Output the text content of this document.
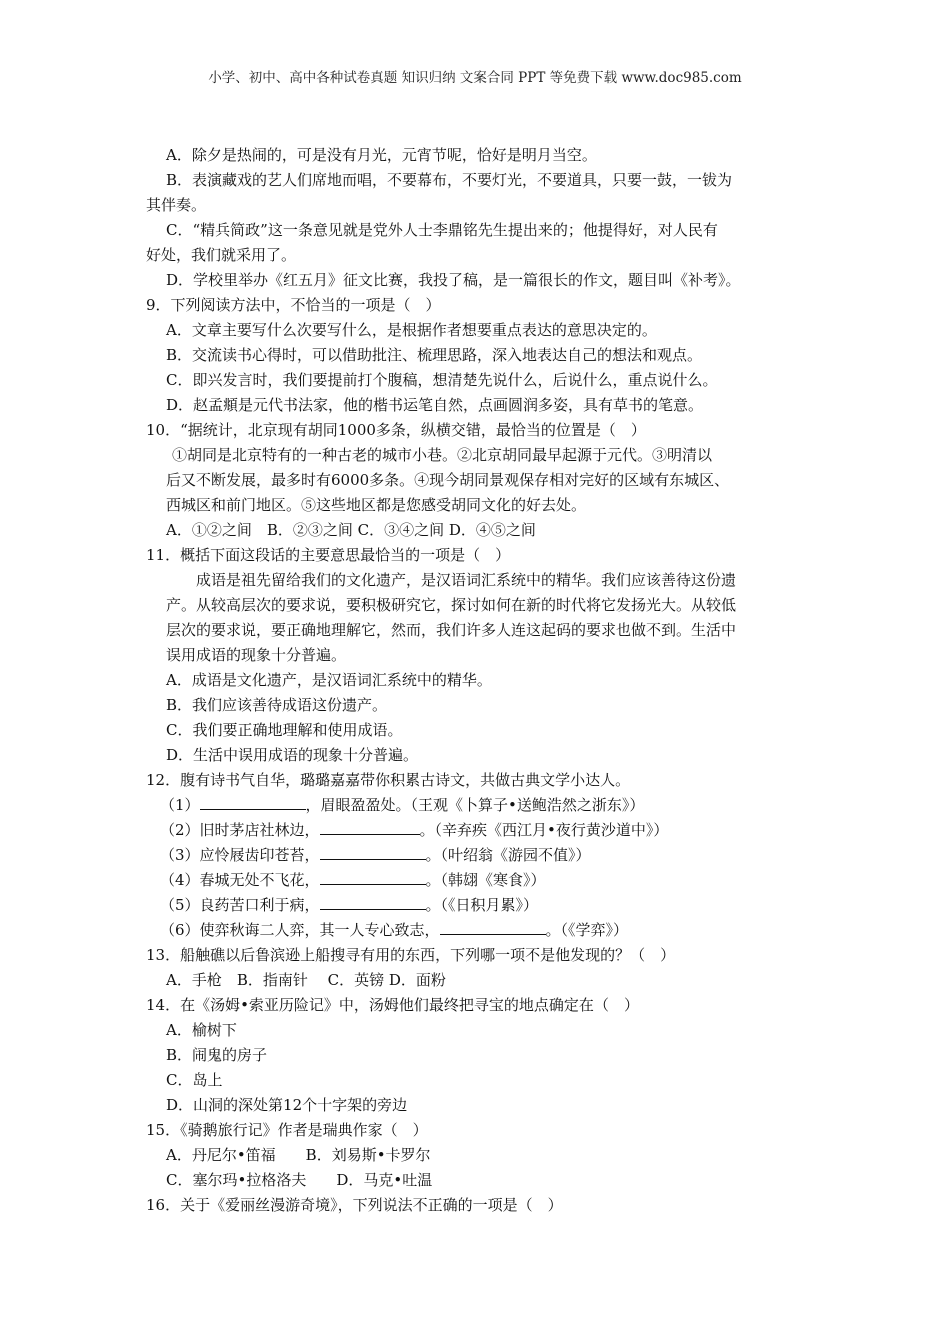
小学、初中、高中各种试卷真题 知识归纳 文案合同 PPT 等免费下载 www.doc985.com
A．除夕是热闹的，可是没有月光，元宵节呢，恰好是明月当空。
B．表演藏戏的艺人们席地而唱，不要幕布，不要灯光，不要道具，只要一鼓，一钹为
其伴奏。
C．“精兵简政”这一条意见就是党外人士李鼎铭先生提出来的；他提得好，对人民有
好处，我们就采用了。
D．学校里举办《红五月》征文比赛，我投了稿，是一篇很长的作文，题目叫《补考》。
9．下列阅读方法中，不恰当的一项是（　）
A．文章主要写什么次要写什么，是根据作者想要重点表达的意思决定的。
B．交流读书心得时，可以借助批注、梳理思路，深入地表达自己的想法和观点。
C．即兴发言时，我们要提前打个腹稿，想清楚先说什么，后说什么，重点说什么。
D．赵孟頫是元代书法家，他的楷书运笔自然，点画圆润多姿，具有草书的笔意。
10．“据统计，北京现有胡同1000多条，纵横交错，最恰当的位置是（　）
①胡同是北京特有的一种古老的城市小巷。②北京胡同最早起源于元代。③明清以
后又不断发展，最多时有6000多条。④现今胡同景观保存相对完好的区域有东城区、
西城区和前门地区。⑤这些地区都是您感受胡同文化的好去处。
A．①②之间　B．②③之间 C．③④之间 D．④⑤之间
11．概括下面这段话的主要意思最恰当的一项是（　）
　　成语是祖先留给我们的文化遗产，是汉语词汇系统中的精华。我们应该善待这份遗
产。从较高层次的要求说，要积极研究它，探讨如何在新的时代将它发扬光大。从较低
层次的要求说，要正确地理解它，然而，我们许多人连这起码的要求也做不到。生活中
误用成语的现象十分普遍。
A．成语是文化遗产，是汉语词汇系统中的精华。
B．我们应该善待成语这份遗产。
C．我们要正确地理解和使用成语。
D．生活中误用成语的现象十分普遍。
12．腹有诗书气自华，璐璐嘉嘉带你积累古诗文，共做古典文学小达人。
（1）	，眉眼盈盈处。（王观《卜算子•送鲍浩然之浙东》）
（2）旧时茅店社林边，	。（辛弃疾《西江月•夜行黄沙道中》）
（3）应怜屐齿印苍苔，	。（叶绍翁《游园不值》）
（4）春城无处不飞花，	。（韩翃《寒食》）
（5）良药苦口利于病，	。（《日积月累》）
（6）使弈秋诲二人弈，其一人专心致志，	。（《学弈》）
13．船触礁以后鲁滨逊上船搜寻有用的东西，下列哪一项不是他发现的？（　）
A．手枪　B．指南针　 C．英镑 D．面粉
14．在《汤姆•索亚历险记》中，汤姆他们最终把寻宝的地点确定在（　）
A．榆树下
B．闹鬼的房子
C．岛上
D．山洞的深处第12个十字架的旁边
15．《骑鹅旅行记》作者是瑞典作家（　）
A．丹尼尔•笛福　　B．刘易斯•卡罗尔
C．塞尔玛•拉格洛夫　　D．马克•吐温
16．关于《爱丽丝漫游奇境》，下列说法不正确的一项是（　）
